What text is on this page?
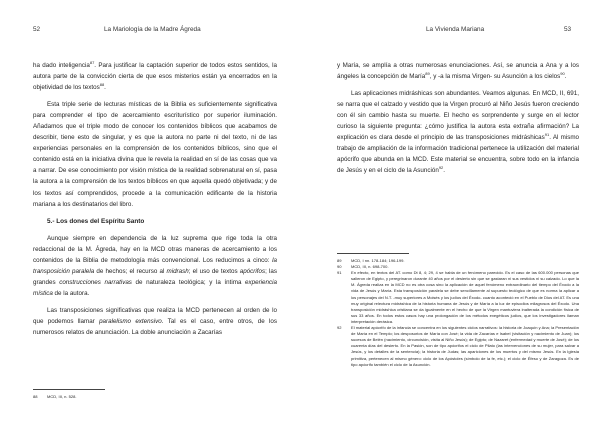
52	La Mariología de la Madre Ágreda

ha dado inteligencia$^{87}$. Para justificar la captación superior de todos estos sentidos, la autora parte de la convicción cierta de que esos misterios están ya encerrados en la objetividad de los textos$^{88}$.

Esta triple serie de lecturas místicas de la Biblia es suficientemente significativa para comprender el tipo de acercamiento escriturístico por superior iluminación. Añadamos que el triple modo de conocer los contenidos bíblicos que acabamos de describir, tiene esto de singular, y es que la autora no parte ni del texto, ni de las experiencias personales en la comprensión de los contenidos bíblicos, sino que el contenido está en la iniciativa divina que le revela la realidad en sí de las cosas que va a narrar. De ese conocimiento por visión mística de la realidad sobrenatural en sí, pasa la autora a la comprensión de los textos bíblicos en que aquella quedó objetivada; y de los textos así comprendidos, procede a la comunicación edificante de la historia mariana a los destinatarios del libro.

5.- Los dones del Espíritu Santo

Aunque siempre en dependencia de la luz suprema que rige toda la otra redaccional de la M. Ágreda, hay en la MCD otras maneras de acercamiento a los contenidos de la Biblia de metodología más convencional. Los reducimos a cinco: la transposición paralela de hechos; el recurso al midrash; el uso de textos apócrifos; las grandes construcciones narrativas de naturaleza teológica; y la íntima experiencia mística de la autora.

Las transposiciones significativas que realiza la MCD pertenecen al orden de lo que podemos llamar paralelismo extensivo. Tal es el caso, entre otros, de los numerosos relatos de anunciación. La doble anunciación a Zacarías

88	MCD, III, n. 528.
La Vivienda Mariana	53

y María, se amplía a otras numerosas enunciaciones. Así, se anuncia a Ana y a los ángeles la concepción de María$^{89}$, y -a la misma Virgen- su Asunción a los cielos$^{90}$.

Las aplicaciones midráshicas son abundantes. Veamos algunas. En MCD, II, 691, se narra que el calzado y vestido que la Virgen procuró al Niño Jesús fueron creciendo con él sin cambio hasta su muerte. El hecho es sorprendente y surge en el lector curioso la siguiente pregunta: ¿cómo justifica la autora esta extraña afirmación? La explicación es clara desde el principio de las transposiciones midráshicas$^{91}$. Al mismo trabajo de ampliación de la información tradicional pertenece la utilización del material apócrifo que abunda en la MCD. Este material se encuentra, sobre todo en la infancia de Jesús y en el ciclo de la Asunción$^{92}$.

89	MCD, I nn. 178-184; 196-199.
90	MCD, III, n. 698-700.
91	En efecto, en textos del AT. como Dt 8, 4; 29, 4 se habla de un fenómeno parecido. Es el caso de las 600.000 personas que salieron de Egipto, y peregrinaron durante 40 años por el desierto sin que se gastaran ni sus vestidos ni su calzado. Lo que la M. Ágreda realiza en la MCD no es otra cosa sino la aplicación de aquel fenómeno extraordinario del tiempo del Éxodo a la vida de Jesús y María. Esta transposición paralela se debe sencillamente al supuesto teológico de que es norma la aplicar a los personajes del N.T. -muy superiores a Moisés y los judíos del Éxodo- cuanto aconteció en el Pueblo de Dios del AT. Es una muy original relectura midráshica de la historia humana de Jesús y de María a la luz de episodios milagrosos del Éxodo. Una transposición midráshica cristiana se da igualmente en el hecho de que la Virgen mantuviera inalterada la condición física de sus 33 años. En todos estos casos hay una prolongación de los métodos exegéticos judíos, que los investigadores llaman interpretación derásica.
92	El material apócrifo de la infancia se concentra en los siguientes ciclos narrativos: la historia de Joaquín y Ana; la Presentación de María en el Templo; los desposorios de María con José; la vida de Zacarías e Isabel (visitación y nacimiento de Juan); los sucesos de Belén (nacimiento, circuncisión, visita al Niño Jesús); de Egipto; de Nazaret (enfermedad y muerte de José); de los cuarenta días del desierto. En la Pasión, son de tipo apócrifos el ciclo de Pilato (las intervenciones de su mujer, para salvar a Jesús, y los detalles de la sentencia); la historia de Judas; las apariciones de los muertos y del mismo Jesús. En la Iglesia primitiva, pertenecen al mismo género: ciclo de los Apóstoles (símbolo de la fe, etc.); el ciclo de Éfeso y de Zaragoza. Es de tipo apócrifo también el ciclo de la Asunción.
